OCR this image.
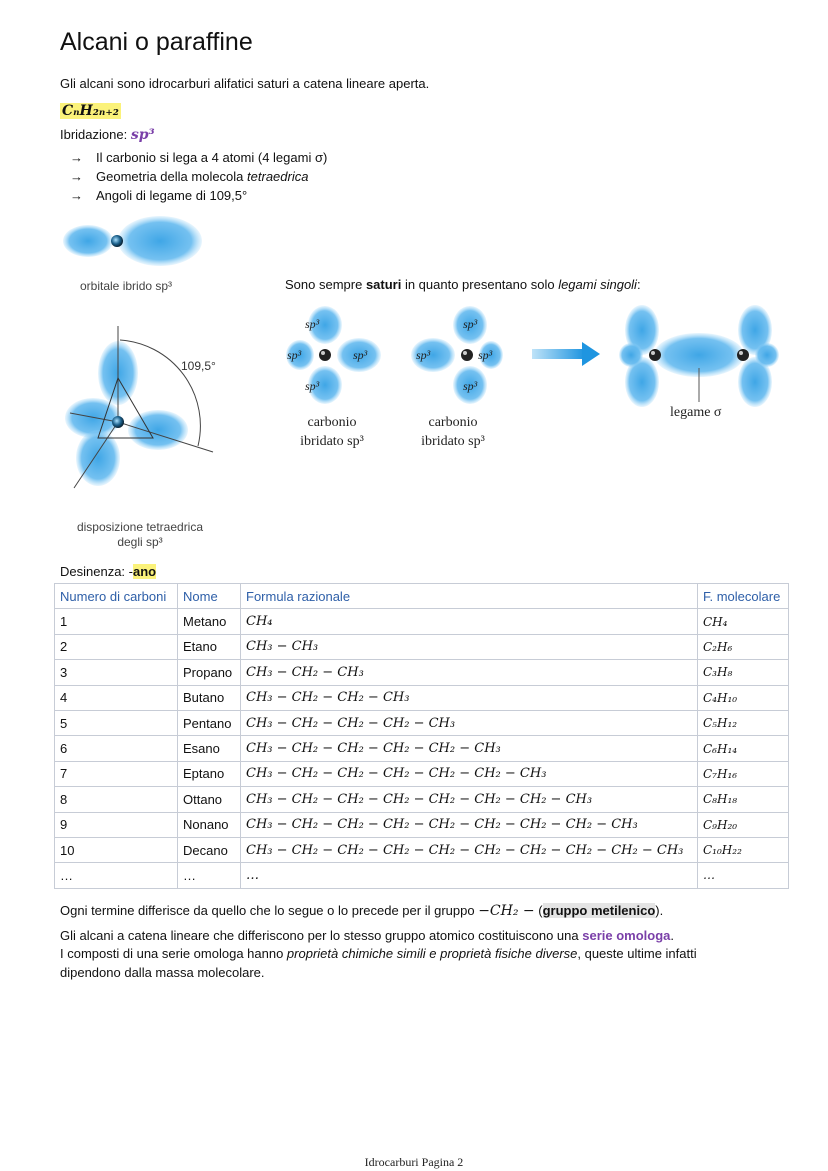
Alcani o paraffine
Gli alcani sono idrocarburi alifatici saturi a catena lineare aperta.
CₙH₂ₙ₊₂
Ibridazione: sp³
→ Il carbonio si lega a 4 atomi (4 legami σ)
→ Geometria della molecola tetraedrica
→ Angoli di legame di 109,5°
orbitale ibrido sp³
109,5°
disposizione tetraedrica
degli sp³
Sono sempre saturi in quanto presentano solo legami singoli:
sp³
sp³	sp³
sp³
sp³
sp³	sp³
sp³
carbonio
ibridato sp³
carbonio
ibridato sp³
legame σ
Desinenza: -ano
Numero di carboni	Nome	Formula razionale	F. molecolare
1	Metano	CH₄	CH₄
2	Etano	CH₃ − CH₃	C₂H₆
3	Propano	CH₃ − CH₂ − CH₃	C₃H₈
4	Butano	CH₃ − CH₂ − CH₂ − CH₃	C₄H₁₀
5	Pentano	CH₃ − CH₂ − CH₂ − CH₂ − CH₃	C₅H₁₂
6	Esano	CH₃ − CH₂ − CH₂ − CH₂ − CH₂ − CH₃	C₆H₁₄
7	Eptano	CH₃ − CH₂ − CH₂ − CH₂ − CH₂ − CH₂ − CH₃	C₇H₁₆
8	Ottano	CH₃ − CH₂ − CH₂ − CH₂ − CH₂ − CH₂ − CH₂ − CH₃	C₈H₁₈
9	Nonano	CH₃ − CH₂ − CH₂ − CH₂ − CH₂ − CH₂ − CH₂ − CH₂ − CH₃	C₉H₂₀
10	Decano	CH₃ − CH₂ − CH₂ − CH₂ − CH₂ − CH₂ − CH₂ − CH₂ − CH₂ − CH₃	C₁₀H₂₂
…	…	…	…
Ogni termine differisce da quello che lo segue o lo precede per il gruppo −CH₂ − (gruppo metilenico).
Gli alcani a catena lineare che differiscono per lo stesso gruppo atomico costituiscono una serie omologa.
I composti di una serie omologa hanno proprietà chimiche simili e proprietà fisiche diverse, queste ultime infatti
dipendono dalla massa molecolare.
Idrocarburi Pagina 2
